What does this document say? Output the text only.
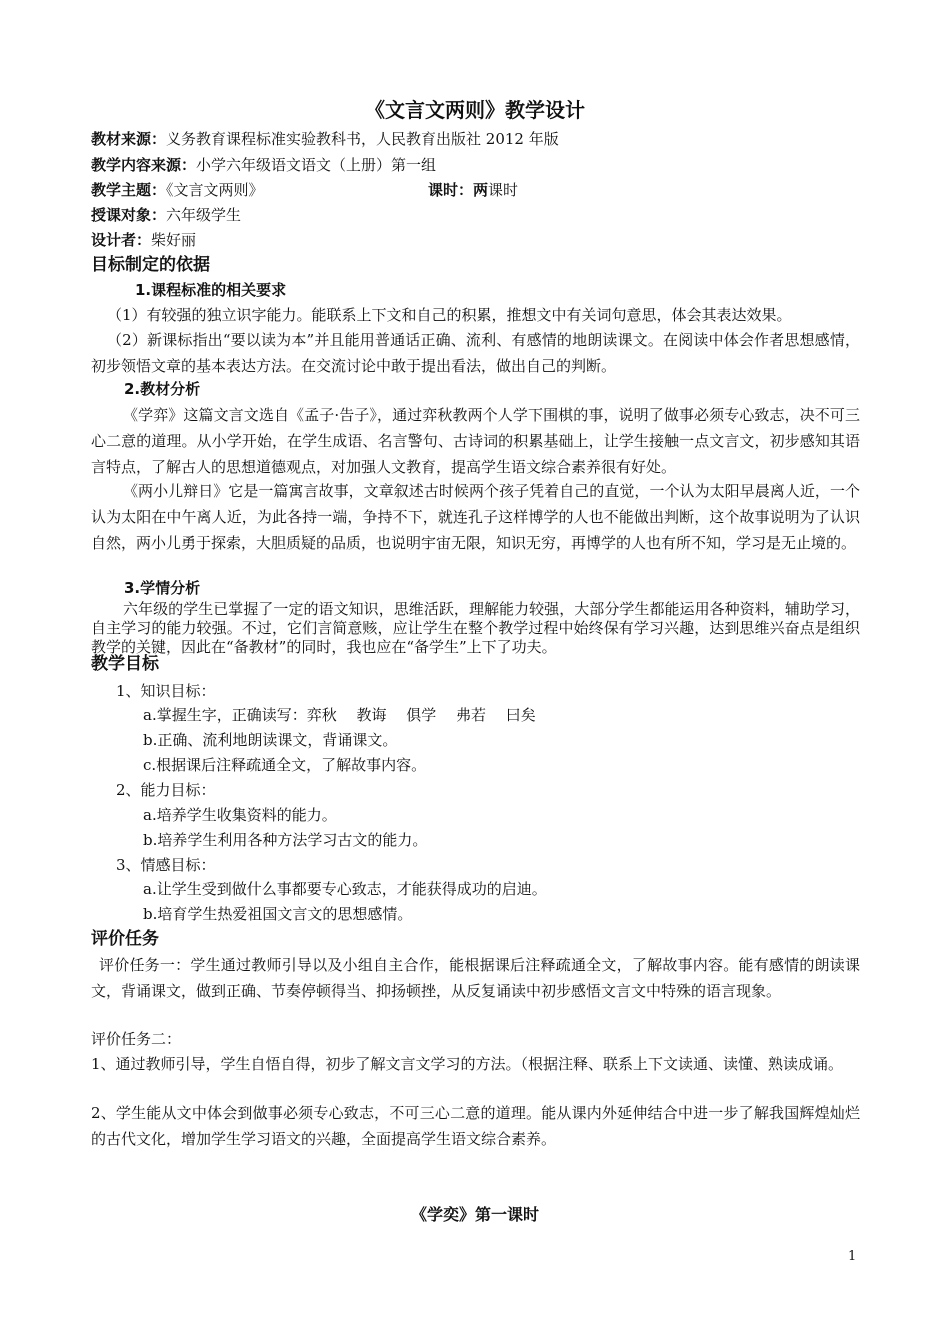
《文言文两则》教学设计
教材来源：义务教育课程标准实验教科书，人民教育出版社 2012 年版
教学内容来源：小学六年级语文语文（上册）第一组
教学主题：《文言文两则》	课时：两课时
授课对象：六年级学生
设计者：柴好丽
目标制定的依据
1.课程标准的相关要求
（1）有较强的独立识字能力。能联系上下文和自己的积累，推想文中有关词句意思，体会其表达效果。
（2）新课标指出“要以读为本”并且能用普通话正确、流利、有感情的地朗读课文。在阅读中体会作者思想感情，初步领悟文章的基本表达方法。在交流讨论中敢于提出看法，做出自己的判断。
2.教材分析
《学弈》这篇文言文选自《孟子·告子》，通过弈秋教两个人学下围棋的事，说明了做事必须专心致志，决不可三心二意的道理。从小学开始，在学生成语、名言警句、古诗词的积累基础上，让学生接触一点文言文，初步感知其语言特点，了解古人的思想道德观点，对加强人文教育，提高学生语文综合素养很有好处。
《两小儿辩日》它是一篇寓言故事，文章叙述古时候两个孩子凭着自己的直觉，一个认为太阳早晨离人近，一个认为太阳在中午离人近，为此各持一端，争持不下，就连孔子这样博学的人也不能做出判断，这个故事说明为了认识自然，两小儿勇于探索，大胆质疑的品质，也说明宇宙无限，知识无穷，再博学的人也有所不知，学习是无止境的。
3.学情分析
六年级的学生已掌握了一定的语文知识，思维活跃，理解能力较强，大部分学生都能运用各种资料，辅助学习，自主学习的能力较强。不过，它们言简意赅，应让学生在整个教学过程中始终保有学习兴趣，达到思维兴奋点是组织教学的关键，因此在“备教材”的同时，我也应在“备学生”上下了功夫。
教学目标
1、知识目标：
a.掌握生字，正确读写：弈秋　 教诲　 俱学　 弗若　 曰矣
b.正确、流利地朗读课文，背诵课文。
c.根据课后注释疏通全文，了解故事内容。
2、能力目标：
a.培养学生收集资料的能力。
b.培养学生利用各种方法学习古文的能力。
3、情感目标：
a.让学生受到做什么事都要专心致志，才能获得成功的启迪。
b.培育学生热爱祖国文言文的思想感情。
评价任务
评价任务一：学生通过教师引导以及小组自主合作，能根据课后注释疏通全文，了解故事内容。能有感情的朗读课文，背诵课文，做到正确、节奏停顿得当、抑扬顿挫，从反复诵读中初步感悟文言文中特殊的语言现象。
评价任务二：
1、通过教师引导，学生自悟自得，初步了解文言文学习的方法。（根据注释、联系上下文读通、读懂、熟读成诵。
2、学生能从文中体会到做事必须专心致志，不可三心二意的道理。能从课内外延伸结合中进一步了解我国辉煌灿烂的古代文化，增加学生学习语文的兴趣，全面提高学生语文综合素养。
《学奕》第一课时
1
